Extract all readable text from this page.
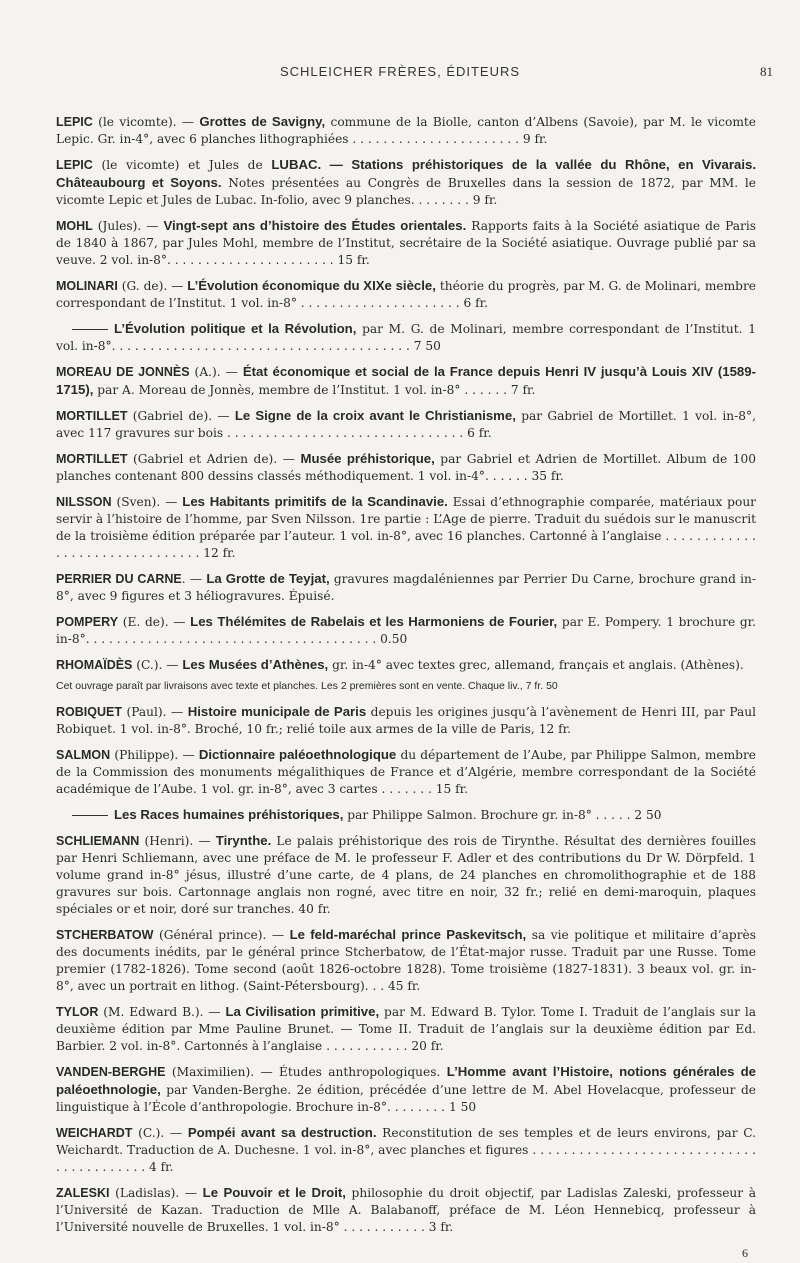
SCHLEICHER FRÈRES, ÉDITEURS	81
LEPIC (le vicomte). — Grottes de Savigny, commune de la Biolle, canton d’Albens (Savoie), par M. le vicomte Lepic. Gr. in-4°, avec 6 planches lithographiées . . . . . . . . . . . . . . . . . . . . . . 9 fr.
LEPIC (le vicomte) et Jules de LUBAC. — Stations préhistoriques de la vallée du Rhône, en Vivarais. Châteaubourg et Soyons. Notes présentées au Congrès de Bruxelles dans la session de 1872, par MM. le vicomte Lepic et Jules de Lubac. In-folio, avec 9 planches. . . . . . . . 9 fr.
MOHL (Jules). — Vingt-sept ans d’histoire des Études orientales. Rapports faits à la Société asiatique de Paris de 1840 à 1867, par Jules Mohl, membre de l’Institut, secrétaire de la Société asiatique. Ouvrage publié par sa veuve. 2 vol. in-8°. . . . . . . . . . . . . . . . . . . . . . 15 fr.
MOLINARI (G. de). — L’Évolution économique du XIXe siècle, théorie du progrès, par M. G. de Molinari, membre correspondant de l’Institut. 1 vol. in-8° . . . . . . . . . . . . . . . . . . . . . 6 fr.
L’Évolution politique et la Révolution, par M. G. de Molinari, membre correspondant de l’Institut. 1 vol. in-8°. . . . . . . . . . . . . . . . . . . . . . . . . . . . . . . . . . . . . . . 7 50
MOREAU DE JONNÈS (A.). — État économique et social de la France depuis Henri IV jusqu’à Louis XIV (1589-1715), par A. Moreau de Jonnès, membre de l’Institut. 1 vol. in-8° . . . . . . 7 fr.
MORTILLET (Gabriel de). — Le Signe de la croix avant le Christianisme, par Gabriel de Mortillet. 1 vol. in-8°, avec 117 gravures sur bois . . . . . . . . . . . . . . . . . . . . . . . . . . . . . . . 6 fr.
MORTILLET (Gabriel et Adrien de). — Musée préhistorique, par Gabriel et Adrien de Mortillet. Album de 100 planches contenant 800 dessins classés méthodiquement. 1 vol. in-4°. . . . . . 35 fr.
NILSSON (Sven). — Les Habitants primitifs de la Scandinavie. Essai d’ethnographie comparée, matériaux pour servir à l’histoire de l’homme, par Sven Nilsson. 1re partie : L’Age de pierre. Traduit du suédois sur le manuscrit de la troisième édition préparée par l’auteur. 1 vol. in-8°, avec 16 planches. Cartonné à l’anglaise . . . . . . . . . . . . . . . . . . . . . . . . . . . . . . . 12 fr.
PERRIER DU CARNE. — La Grotte de Teyjat, gravures magdaléniennes par Perrier Du Carne, brochure grand in-8°, avec 9 figures et 3 héliogravures. Épuisé.
POMPERY (E. de). — Les Thélémites de Rabelais et les Harmoniens de Fourier, par E. Pompery. 1 brochure gr. in-8°. . . . . . . . . . . . . . . . . . . . . . . . . . . . . . . . . . . . . . 0.50
RHOMAÏDÈS (C.). — Les Musées d’Athènes, gr. in-4° avec textes grec, allemand, français et anglais. (Athènes).
Cet ouvrage paraît par livraisons avec texte et planches. Les 2 premières sont en vente. Chaque liv., 7 fr. 50
ROBIQUET (Paul). — Histoire municipale de Paris depuis les origines jusqu’à l’avènement de Henri III, par Paul Robiquet. 1 vol. in-8°. Broché, 10 fr.; relié toile aux armes de la ville de Paris, 12 fr.
SALMON (Philippe). — Dictionnaire paléoethnologique du département de l’Aube, par Philippe Salmon, membre de la Commission des monuments mégalithiques de France et d’Algérie, membre correspondant de la Société académique de l’Aube. 1 vol. gr. in-8°, avec 3 cartes . . . . . . . 15 fr.
Les Races humaines préhistoriques, par Philippe Salmon. Brochure gr. in-8° . . . . . 2 50
SCHLIEMANN (Henri). — Tirynthe. Le palais préhistorique des rois de Tirynthe. Résultat des dernières fouilles par Henri Schliemann, avec une préface de M. le professeur F. Adler et des contributions du Dr W. Dörpfeld. 1 volume grand in-8° jésus, illustré d’une carte, de 4 plans, de 24 planches en chromolithographie et de 188 gravures sur bois. Cartonnage anglais non rogné, avec titre en noir, 32 fr.; relié en demi-maroquin, plaques spéciales or et noir, doré sur tranches. 40 fr.
STCHERBATOW (Général prince). — Le feld-maréchal prince Paskevitsch, sa vie politique et militaire d’après des documents inédits, par le général prince Stcherbatow, de l’État-major russe. Traduit par une Russe. Tome premier (1782-1826). Tome second (août 1826-octobre 1828). Tome troisième (1827-1831). 3 beaux vol. gr. in-8°, avec un portrait en lithog. (Saint-Pétersbourg). . . 45 fr.
TYLOR (M. Edward B.). — La Civilisation primitive, par M. Edward B. Tylor. Tome I. Traduit de l’anglais sur la deuxième édition par Mme Pauline Brunet. — Tome II. Traduit de l’anglais sur la deuxième édition par Ed. Barbier. 2 vol. in-8°. Cartonnés à l’anglaise . . . . . . . . . . . 20 fr.
VANDEN-BERGHE (Maximilien). — Études anthropologiques. L’Homme avant l’Histoire, notions générales de paléoethnologie, par Vanden-Berghe. 2e édition, précédée d’une lettre de M. Abel Hovelacque, professeur de linguistique à l’École d’anthropologie. Brochure in-8°. . . . . . . . 1 50
WEICHARDT (C.). — Pompéi avant sa destruction. Reconstitution de ses temples et de leurs environs, par C. Weichardt. Traduction de A. Duchesne. 1 vol. in-8°, avec planches et figures . . . . . . . . . . . . . . . . . . . . . . . . . . . . . . . . . . . . . . . . . 4 fr.
ZALESKI (Ladislas). — Le Pouvoir et le Droit, philosophie du droit objectif, par Ladislas Zaleski, professeur à l’Université de Kazan. Traduction de Mlle A. Balabanoff, préface de M. Léon Hennebicq, professeur à l’Université nouvelle de Bruxelles. 1 vol. in-8° . . . . . . . . . . . 3 fr.
6
